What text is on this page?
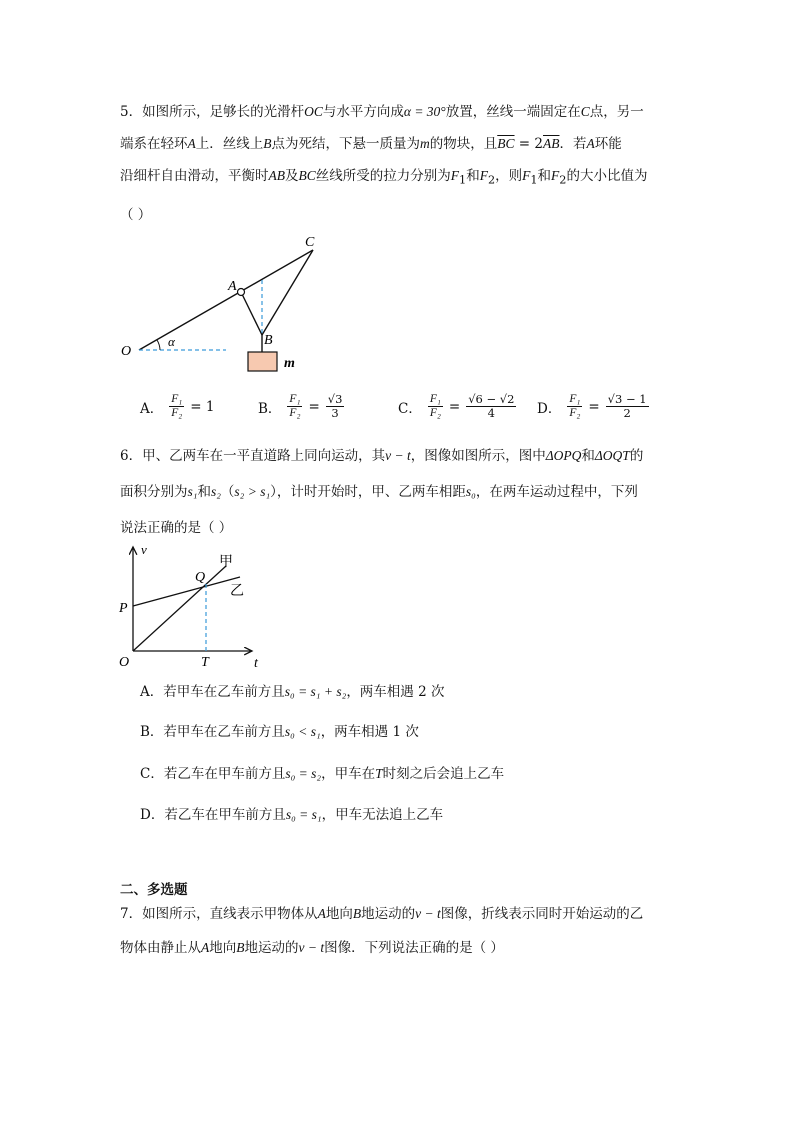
5．如图所示，足够长的光滑杆OC与水平方向成α = 30°放置，丝线一端固定在C点，另一
端系在轻环A上．丝线上B点为死结，下悬一质量为m的物块，且$\overline{BC} = 2\overline{AB}$．若A环能
沿细杆自由滑动，平衡时AB及BC丝线所受的拉力分别为$F_1$和$F_2$，则$F_1$和$F_2$的大小比值为
（ ）
O
α
A
B
C
m
A． $\frac{\text{F₁}}{\text{F₂}} = 1$	B． $\frac{\text{F₁}}{\text{F₂}} = \frac{√3}{3}$	C． $\frac{\text{F₁}}{\text{F₂}} = \frac{√6 - √2}{4}$ D． $\frac{\text{F₁}}{\text{F₂}} = \frac{√3 - 1}{2}$
6．甲、乙两车在一平直道路上同向运动，其v − t，图像如图所示，图中ΔOPQ和ΔOQT的
面积分别为s₁和s₂（s₂ > s₁），计时开始时，甲、乙两车相距s₀，在两车运动过程中，下列
说法正确的是（ ）
v
t
O
P
Q
T
甲
乙
A．若甲车在乙车前方且s₀ = s₁ + s₂，两车相遇 2 次
B．若甲车在乙车前方且s₀ < s₁，两车相遇 1 次
C．若乙车在甲车前方且s₀ = s₂，甲车在T时刻之后会追上乙车
D．若乙车在甲车前方且s₀ = s₁，甲车无法追上乙车
二、多选题
7．如图所示，直线表示甲物体从A地向B地运动的v − t图像，折线表示同时开始运动的乙
物体由静止从A地向B地运动的v − t图像．下列说法正确的是（ ）
